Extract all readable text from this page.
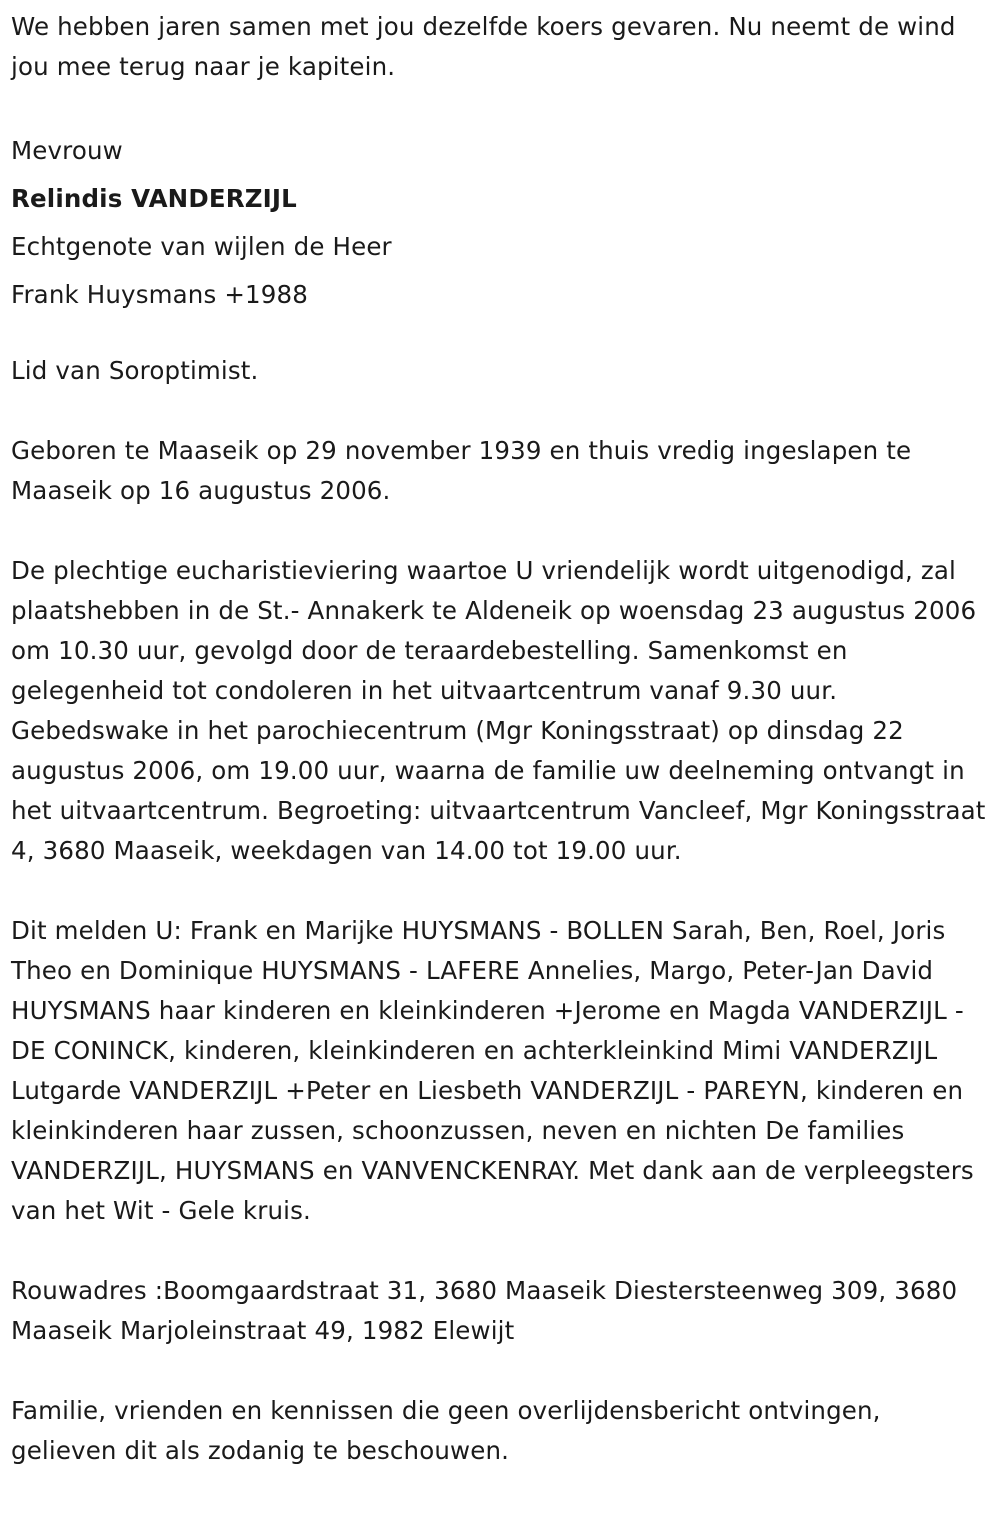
We hebben jaren samen met jou dezelfde koers gevaren. Nu neemt de wind jou mee terug naar je kapitein.

Mevrouw

Relindis VANDERZIJL

Echtgenote van wijlen de Heer

Frank Huysmans +1988

Lid van Soroptimist.

Geboren te Maaseik op 29 november 1939 en thuis vredig ingeslapen te Maaseik op 16 augustus 2006.

De plechtige eucharistieviering waartoe U vriendelijk wordt uitgenodigd, zal plaatshebben in de St.- Annakerk te Aldeneik op woensdag 23 augustus 2006 om 10.30 uur, gevolgd door de teraardebestelling. Samenkomst en gelegenheid tot condoleren in het uitvaartcentrum vanaf 9.30 uur. Gebedswake in het parochiecentrum (Mgr Koningsstraat) op dinsdag 22 augustus 2006, om 19.00 uur, waarna de familie uw deelneming ontvangt in het uitvaartcentrum. Begroeting: uitvaartcentrum Vancleef, Mgr Koningsstraat 4, 3680 Maaseik, weekdagen van 14.00 tot 19.00 uur.

Dit melden U: Frank en Marijke HUYSMANS - BOLLEN Sarah, Ben, Roel, Joris Theo en Dominique HUYSMANS - LAFERE Annelies, Margo, Peter-Jan David HUYSMANS haar kinderen en kleinkinderen +Jerome en Magda VANDERZIJL - DE CONINCK, kinderen, kleinkinderen en achterkleinkind Mimi VANDERZIJL Lutgarde VANDERZIJL +Peter en Liesbeth VANDERZIJL - PAREYN, kinderen en kleinkinderen haar zussen, schoonzussen, neven en nichten De families VANDERZIJL, HUYSMANS en VANVENCKENRAY. Met dank aan de verpleegsters van het Wit - Gele kruis.

Rouwadres :Boomgaardstraat 31, 3680 Maaseik Diestersteenweg 309, 3680 Maaseik Marjoleinstraat 49, 1982 Elewijt

Familie, vrienden en kennissen die geen overlijdensbericht ontvingen, gelieven dit als zodanig te beschouwen.
